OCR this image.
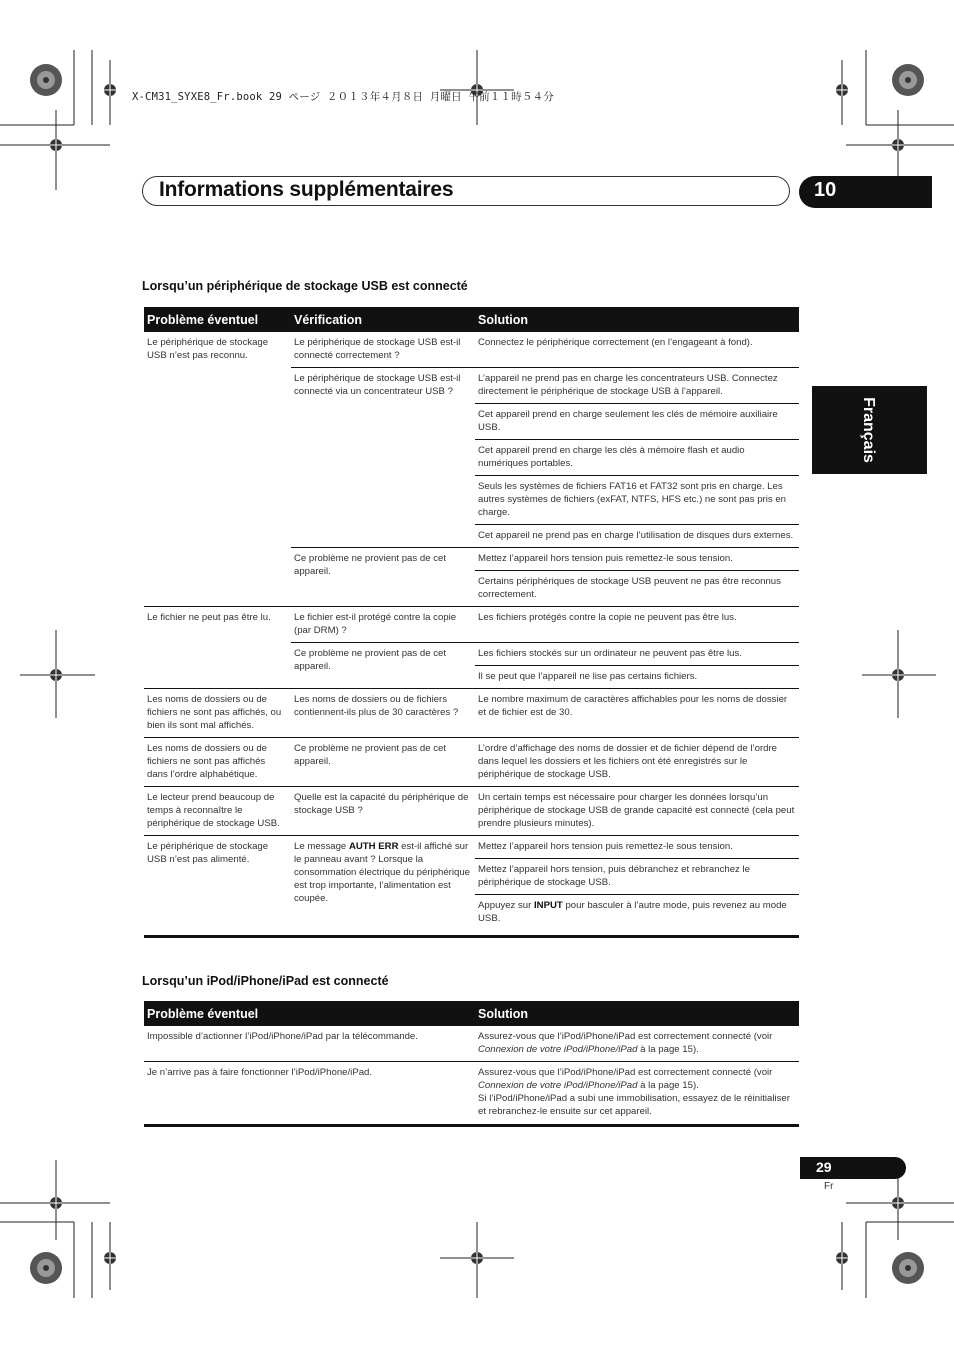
X-CM31_SYXE8_Fr.book 29 ページ ２０１３年４月８日 月曜日 午前１１時５４分
Informations supplémentaires	10
Français
Lorsqu’un périphérique de stockage USB est connecté
Problème éventuel	Vérification	Solution
Le périphérique de stockage USB n’est pas reconnu.	Le périphérique de stockage USB est-il connecté correctement ?	Connectez le périphérique correctement (en l’engageant à fond).
	Le périphérique de stockage USB est-il connecté via un concentrateur USB ?	L’appareil ne prend pas en charge les concentrateurs USB. Connectez directement le périphérique de stockage USB à l’appareil.
		Cet appareil prend en charge seulement les clés de mémoire auxiliaire USB.
		Cet appareil prend en charge les clés à mémoire flash et audio numériques portables.
		Seuls les systèmes de fichiers FAT16 et FAT32 sont pris en charge. Les autres systèmes de fichiers (exFAT, NTFS, HFS etc.) ne sont pas pris en charge.
		Cet appareil ne prend pas en charge l’utilisation de disques durs externes.
	Ce problème ne provient pas de cet appareil.	Mettez l’appareil hors tension puis remettez-le sous tension.
		Certains périphériques de stockage USB peuvent ne pas être reconnus correctement.

Le fichier ne peut pas être lu.	Le fichier est-il protégé contre la copie (par DRM) ?	Les fichiers protégés contre la copie ne peuvent pas être lus.
	Ce problème ne provient pas de cet appareil.	Les fichiers stockés sur un ordinateur ne peuvent pas être lus.
		Il se peut que l’appareil ne lise pas certains fichiers.
Les noms de dossiers ou de fichiers ne sont pas affichés, ou bien ils sont mal affichés.	Les noms de dossiers ou de fichiers contiennent-ils plus de 30 caractères ?	Le nombre maximum de caractères affichables pour les noms de dossier et de fichier est de 30.
Les noms de dossiers ou de fichiers ne sont pas affichés dans l’ordre alphabétique.	Ce problème ne provient pas de cet appareil.	L’ordre d’affichage des noms de dossier et de fichier dépend de l’ordre dans lequel les dossiers et les fichiers ont été enregistrés sur le périphérique de stockage USB.
Le lecteur prend beaucoup de temps à reconnaître le périphérique de stockage USB.	Quelle est la capacité du périphérique de stockage USB ?	Un certain temps est nécessaire pour charger les données lorsqu’un périphérique de stockage USB de grande capacité est connecté (cela peut prendre plusieurs minutes).
Le périphérique de stockage USB n’est pas alimenté.	Le message AUTH ERR est-il affiché sur le panneau avant ? Lorsque la consommation électrique du périphérique est trop importante, l’alimentation est coupée.	Mettez l’appareil hors tension puis remettez-le sous tension.
		Mettez l’appareil hors tension, puis débranchez et rebranchez le périphérique de stockage USB.
		Appuyez sur INPUT pour basculer à l’autre mode, puis revenez au mode USB.
Lorsqu’un iPod/iPhone/iPad est connecté
Problème éventuel	Solution
Impossible d’actionner l’iPod/iPhone/iPad par la télécommande.	Assurez-vous que l’iPod/iPhone/iPad est correctement connecté (voir Connexion de votre iPod/iPhone/iPad à la page 15).
Je n’arrive pas à faire fonctionner l’iPod/iPhone/iPad.	Assurez-vous que l’iPod/iPhone/iPad est correctement connecté (voir Connexion de votre iPod/iPhone/iPad à la page 15).
Si l’iPod/iPhone/iPad a subi une immobilisation, essayez de le réinitialiser et rebranchez-le ensuite sur cet appareil.
29
Fr
